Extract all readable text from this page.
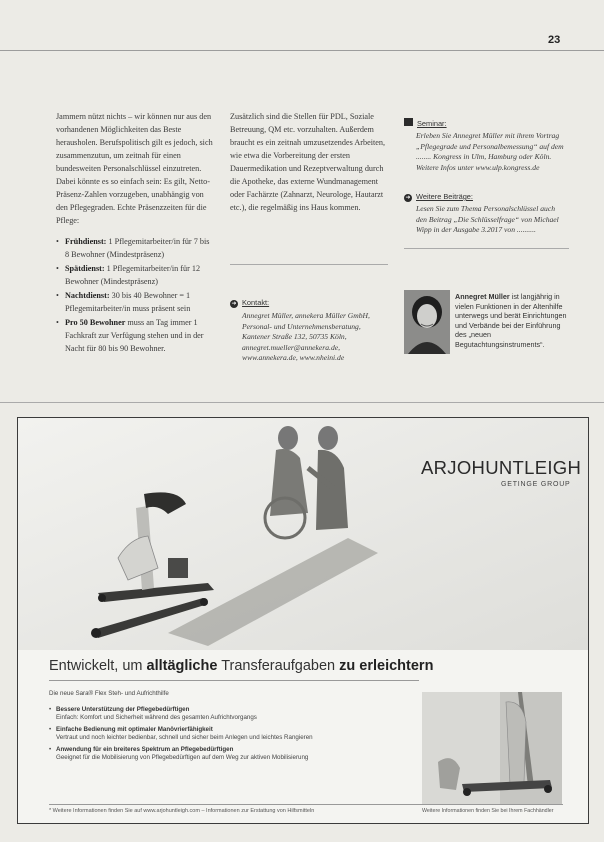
23

Jammern nützt nichts – wir können nur aus den vorhandenen Möglichkeiten das Beste herausholen. Berufspolitisch gilt es jedoch, sich zusammenzutun, um zeitnah für einen bundesweiten Personalschlüssel einzutreten. Dabei könnte es so einfach sein: Es gilt, Netto-Präsenz-Zahlen vorzugeben, unabhängig von den Pflegegraden. Echte Präsenzzeiten für die Pflege:

• Frühdienst: 1 Pflegemitarbeiter/in für 7 bis 8 Bewohner (Mindestpräsenz)
• Spätdienst: 1 Pflegemitarbeiter/in für 12 Bewohner (Mindestpräsenz)
• Nachtdienst: 30 bis 40 Bewohner = 1 Pflegemitarbeiter/in muss präsent sein
• Pro 50 Bewohner muss an Tag immer 1 Fachkraft zur Verfügung stehen und in der Nacht für 80 bis 90 Bewohner.

Zusätzlich sind die Stellen für PDL, Soziale Betreuung, QM etc. vorzuhalten. Außerdem braucht es ein zeitnah umzusetzendes Arbeiten, wie etwa die Vorbereitung der ersten Dauermedikation und Rezeptverwaltung durch die Apotheke, das externe Wundmanagement oder Fachärzte (Zahnarzt, Neurologe, Hautarzt etc.), die regelmäßig ins Haus kommen.

➜ Kontakt:
Annegret Müller, annekera Müller GmbH, Personal- und Unternehmensberatung, Kantener Straße 132, 50735 Köln, annegret.mueller@annekera.de, www.annekera.de, www.nheini.de
Seminar:
Erleben Sie Annegret Müller mit ihrem Vortrag „Pflegegrade und Personalbemessung“ auf dem ........ Kongress in Ulm, Hamburg oder Köln. Weitere Infos unter www.ulp.kongress.de
➜ Weitere Beiträge:
Lesen Sie zum Thema Personalschlüssel auch den Beitrag „Die Schlüsselfrage“ von Michael Wipp in der Ausgabe 3.2017 von ..........
Annegret Müller ist langjährig in vielen Funktionen in der Altenhilfe unterwegs und berät Einrichtungen und Verbände bei der Einführung des „neuen Begutachtungsinstruments“.
ARJOHUNTLEIGH
GETINGE GROUP
Entwickelt, um alltägliche Transferaufgaben zu erleichtern
Die neue Sara® Flex Steh- und Aufrichthilfe
• Bessere Unterstützung der Pflegebedürftigen
Einfach: Komfort und Sicherheit während des gesamten Aufrichtvorgangs
• Einfache Bedienung mit optimaler Manövrierfähigkeit
Vertraut und noch leichter bedienbar, schnell und sicher beim Anlegen und leichtes Rangieren
• Anwendung für ein breiteres Spektrum an Pflegebedürftigen
Geeignet für die Mobilisierung von Pflegebedürftigen auf dem Weg zur aktiven Mobilisierung
* Weitere Informationen finden Sie auf www.arjohuntleigh.com – Informationen zur Erstattung von Hilfsmitteln	Weitere Informationen finden Sie bei Ihrem Fachhändler
